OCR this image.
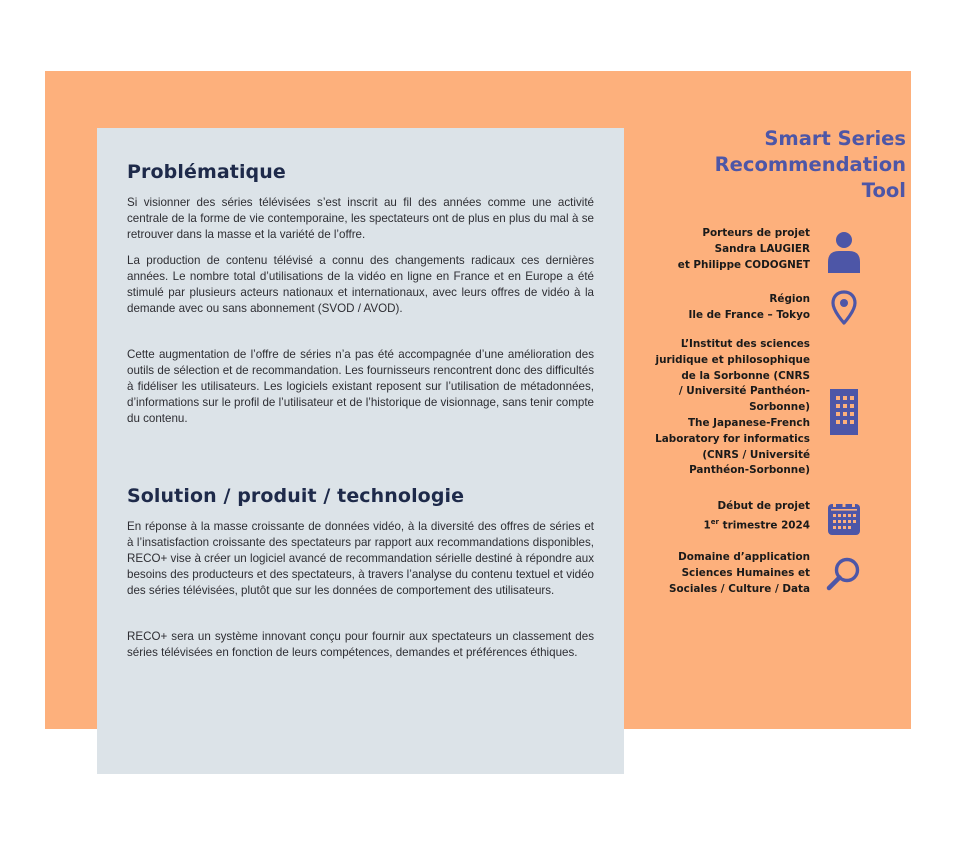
Problématique

Si visionner des séries télévisées s’est inscrit au fil des années comme une activité centrale de la forme de vie contemporaine, les spectateurs ont de plus en plus du mal à se retrouver dans la masse et la variété de l’offre.

La production de contenu télévisé a connu des changements radicaux ces dernières années. Le nombre total d’utilisations de la vidéo en ligne en France et en Europe a été stimulé par plusieurs acteurs nationaux et internationaux, avec leurs offres de vidéo à la demande avec ou sans abonnement (SVOD / AVOD).

Cette augmentation de l’offre de séries n’a pas été accompagnée d’une amélioration des outils de sélection et de recommandation. Les fournisseurs rencontrent donc des difficultés à fidéliser les utilisateurs. Les logiciels existant reposent sur l’utilisation de métadonnées, d’informations sur le profil de l’utilisateur et de l’historique de visionnage, sans tenir compte du contenu.

Solution / produit / technologie

En réponse à la masse croissante de données vidéo, à la diversité des offres de séries et à l’insatisfaction croissante des spectateurs par rapport aux recommandations disponibles, RECO+ vise à créer un logiciel avancé de recommandation sérielle destiné à répondre aux besoins des producteurs et des spectateurs, à travers l’analyse du contenu textuel et vidéo des séries télévisées, plutôt que sur les données de comportement des utilisateurs.

RECO+ sera un système innovant conçu pour fournir aux spectateurs un classement des séries télévisées en fonction de leurs compétences, demandes et préférences éthiques.

Smart Series
Recommendation
Tool
Porteurs de projet
Sandra LAUGIER
et Philippe CODOGNET
Région
Ile de France – Tokyo
L’Institut des sciences
juridique et philosophique
de la Sorbonne (CNRS
/ Université Panthéon-
Sorbonne)
The Japanese-French
Laboratory for informatics
(CNRS / Université
Panthéon-Sorbonne)
Début de projet
1er trimestre 2024
Domaine d’application
Sciences Humaines et
Sociales / Culture / Data
